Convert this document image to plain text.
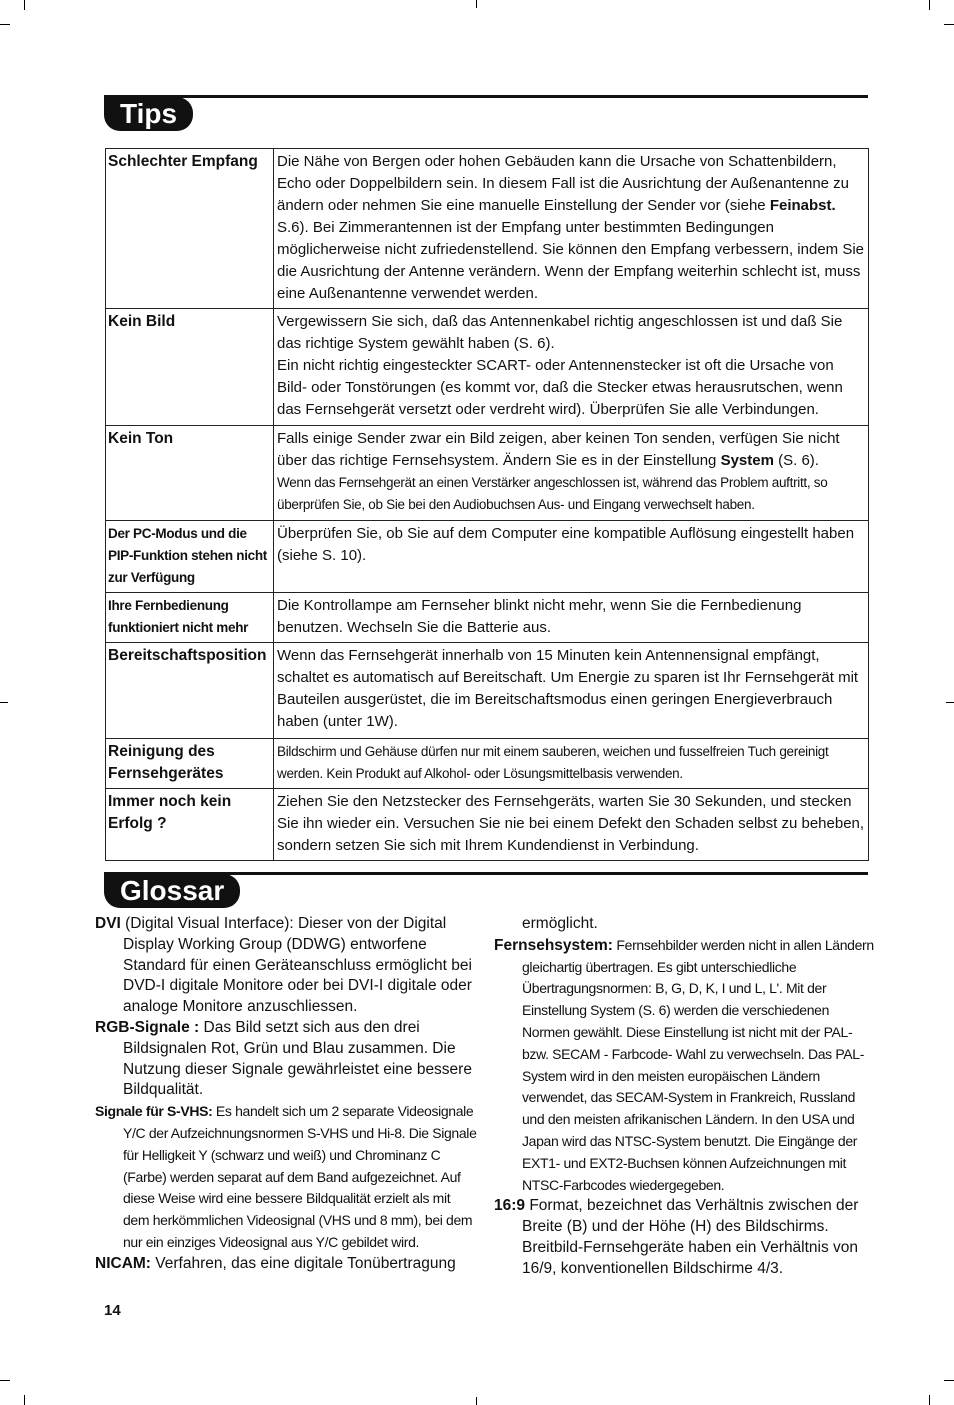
Tips
Schlechter Empfang	Die Nähe von Bergen oder hohen Gebäuden kann die Ursache von Schattenbildern, Echo oder Doppelbildern sein. In diesem Fall ist die Ausrichtung der Außenantenne zu ändern oder nehmen Sie eine manuelle Einstellung der Sender vor (siehe Feinabst. S.6). Bei Zimmerantennen ist der Empfang unter bestimmten Bedingungen möglicherweise nicht zufriedenstellend. Sie können den Empfang verbessern, indem Sie die Ausrichtung der Antenne verändern. Wenn der Empfang weiterhin schlecht ist, muss eine Außenantenne verwendet werden.
Kein Bild	Vergewissern Sie sich, daß das Antennenkabel richtig angeschlossen ist und daß Sie das richtige System gewählt haben (S. 6).
Ein nicht richtig eingesteckter SCART- oder Antennenstecker ist oft die Ursache von Bild- oder Tonstörungen (es kommt vor, daß die Stecker etwas herausrutschen, wenn das Fernsehgerät versetzt oder verdreht wird). Überprüfen Sie alle Verbindungen.

Kein Ton	Falls einige Sender zwar ein Bild zeigen, aber keinen Ton senden, verfügen Sie nicht über das richtige Fernsehsystem. Ändern Sie es in der Einstellung System (S. 6).
Wenn das Fernsehgerät an einen Verstärker angeschlossen ist, während das Problem auftritt, so überprüfen Sie, ob Sie bei den Audiobuchsen Aus- und Eingang verwechselt haben.

Der PC-Modus und die PIP-Funktion stehen nicht zur Verfügung	Überprüfen Sie, ob Sie auf dem Computer eine kompatible Auflösung eingestellt haben (siehe S. 10).
Ihre Fernbedienung funktioniert nicht mehr	Die Kontrollampe am Fernseher blinkt nicht mehr, wenn Sie die Fernbedienung benutzen. Wechseln Sie die Batterie aus.
Bereitschaftsposition	Wenn das Fernsehgerät innerhalb von 15 Minuten kein Antennensignal empfängt, schaltet es automatisch auf Bereitschaft. Um Energie zu sparen ist Ihr Fernsehgerät mit Bauteilen ausgerüstet, die im Bereitschaftsmodus einen geringen Energieverbrauch haben (unter 1W).
Reinigung des Fernsehgerätes	Bildschirm und Gehäuse dürfen nur mit einem sauberen, weichen und fusselfreien Tuch gereinigt werden. Kein Produkt auf Alkohol- oder Lösungsmittelbasis verwenden.
Immer noch kein Erfolg ?	Ziehen Sie den Netzstecker des Fernsehgeräts, warten Sie 30 Sekunden, und stecken Sie ihn wieder ein. Versuchen Sie nie bei einem Defekt den Schaden selbst zu beheben, sondern setzen Sie sich mit Ihrem Kundendienst in Verbindung.
Glossar

DVI (Digital Visual Interface): Dieser von der Digital Display Working Group (DDWG) entworfene Standard für einen Geräteanschluss ermöglicht bei DVD-I digitale Monitore oder bei DVI-I digitale oder analoge Monitore anzuschliessen.

RGB-Signale : Das Bild setzt sich aus den drei Bildsignalen Rot, Grün und Blau zusammen. Die Nutzung dieser Signale gewährleistet eine bessere Bildqualität.

Signale für S-VHS: Es handelt sich um 2 separate Videosignale Y/C der Aufzeichnungsnormen S-VHS und Hi-8. Die Signale für Helligkeit Y (schwarz und weiß) und Chrominanz C (Farbe) werden separat auf dem Band aufgezeichnet. Auf diese Weise wird eine bessere Bildqualität erzielt als mit dem herkömmlichen Videosignal (VHS und 8 mm), bei dem nur ein einziges Videosignal aus Y/C gebildet wird.

NICAM: Verfahren, das eine digitale Tonübertragung

ermöglicht.

Fernsehsystem: Fernsehbilder werden nicht in allen Ländern gleichartig übertragen. Es gibt unterschiedliche Übertragungsnormen: B, G, D, K, I und L, L'. Mit der Einstellung System (S. 6) werden die verschiedenen Normen gewählt. Diese Einstellung ist nicht mit der PAL- bzw. SECAM - Farbcode- Wahl zu verwechseln. Das PAL-System wird in den meisten europäischen Ländern verwendet, das SECAM-System in Frankreich, Russland und den meisten afrikanischen Ländern. In den USA und Japan wird das NTSC-System benutzt. Die Eingänge der EXT1- und EXT2-Buchsen können Aufzeichnungen mit NTSC-Farbcodes wiedergegeben.

16:9 Format, bezeichnet das Verhältnis zwischen der Breite (B) und der Höhe (H) des Bildschirms. Breitbild-Fernsehgeräte haben ein Verhältnis von 16/9, konventionellen Bildschirme 4/3.

14
